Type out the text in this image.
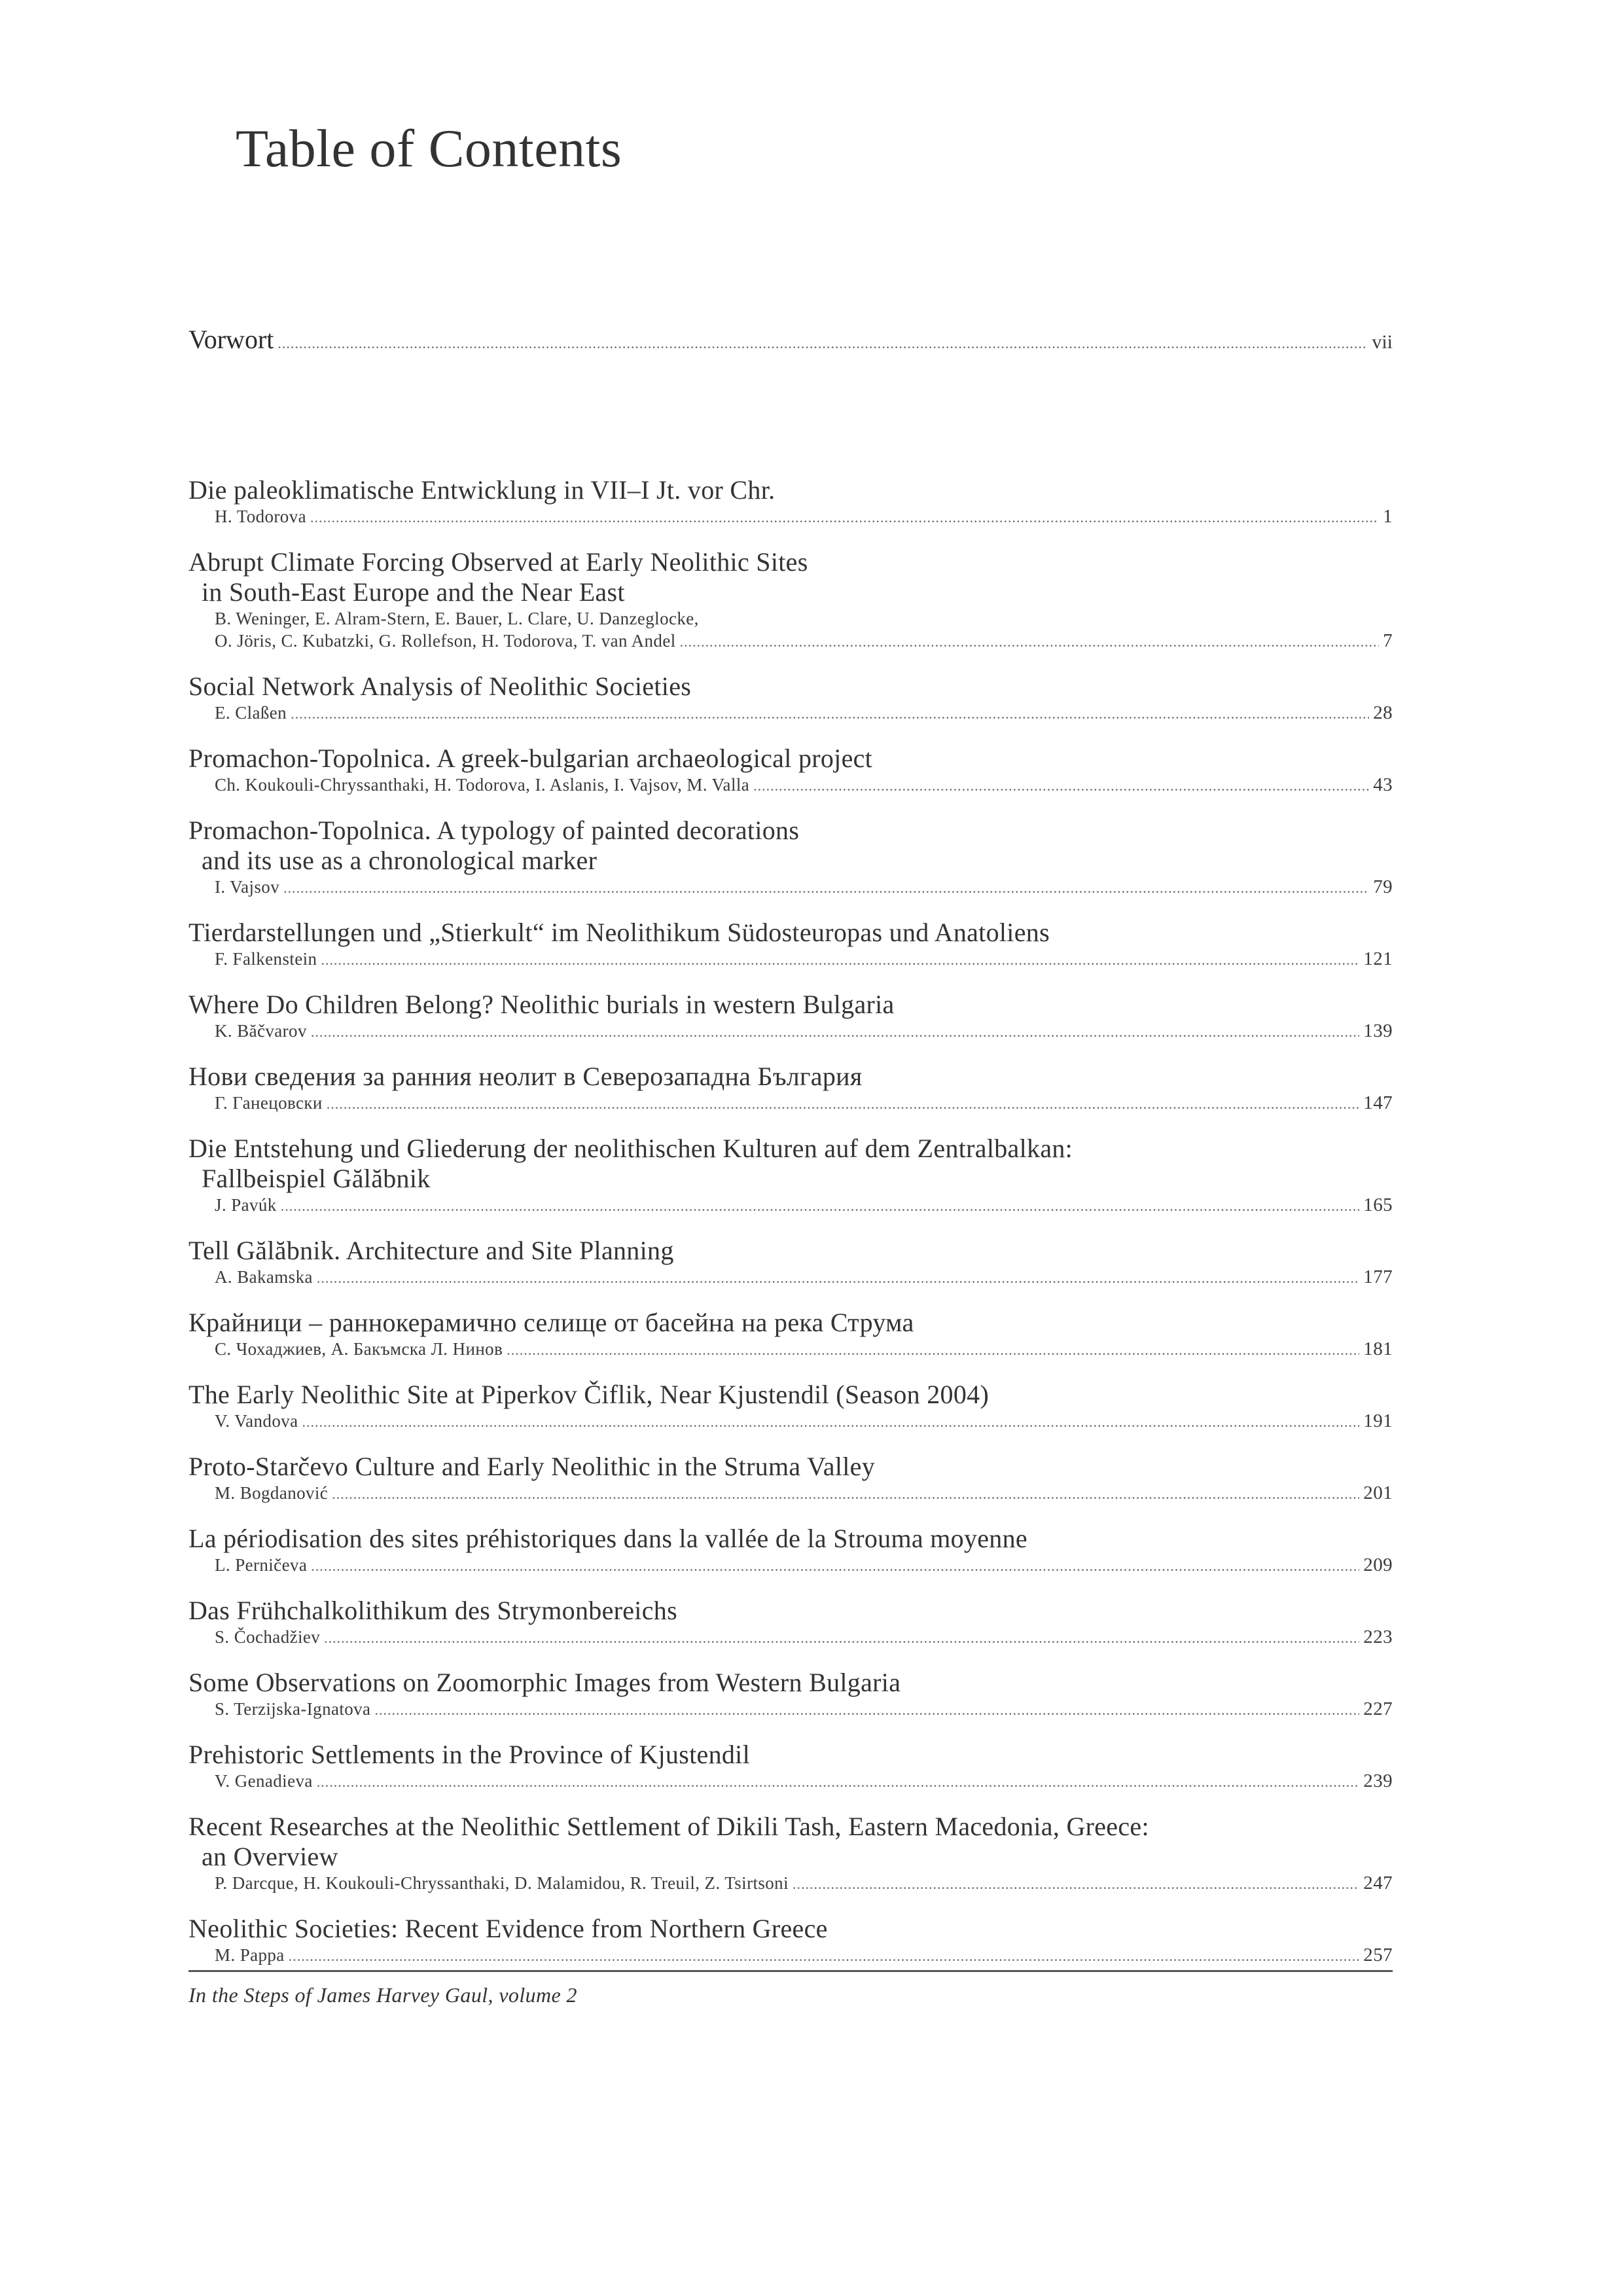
Table of Contents
Vorwort .....	vii
Die paleoklimatische Entwicklung in VII–I Jt. vor Chr.
H. Todorova .....	1
Abrupt Climate Forcing Observed at Early Neolithic Sites
in South-East Europe and the Near East
B. Weninger, E. Alram-Stern, E. Bauer, L. Clare, U. Danzeglocke,
O. Jöris, C. Kubatzki, G. Rollefson, H. Todorova, T. van Andel .....	7
Social Network Analysis of Neolithic Societies
E. Claßen .....	28
Promachon-Topolnica. A greek-bulgarian archaeological project
Ch. Koukouli-Chryssanthaki, H. Todorova, I. Aslanis, I. Vajsov, M. Valla .....	43
Promachon-Topolnica. A typology of painted decorations
and its use as a chronological marker
I. Vajsov .....	79
Tierdarstellungen und „Stierkult“ im Neolithikum Südosteuropas und Anatoliens
F. Falkenstein .....	121
Where Do Children Belong? Neolithic burials in western Bulgaria
K. Băčvarov .....	139
Нови сведения за ранния неолит в Северозападна България
Г. Ганецовски .....	147
Die Entstehung und Gliederung der neolithischen Kulturen auf dem Zentralbalkan:
Fallbeispiel Gălăbnik
J. Pavúk .....	165
Tell Gălăbnik. Architecture and Site Planning
A. Bakamska .....	177
Крайници – раннокерамично селище от басейна на река Струма
С. Чохаджиев, А. Бакъмска Л. Нинов .....	181
The Early Neolithic Site at Piperkov Čiflik, Near Kjustendil (Season 2004)
V. Vandova .....	191
Proto-Starčevo Culture and Early Neolithic in the Struma Valley
M. Bogdanović .....	201
La périodisation des sites préhistoriques dans la vallée de la Strouma moyenne
L. Perničeva .....	209
Das Frühchalkolithikum des Strymonbereichs
S. Čochadžiev .....	223
Some Observations on Zoomorphic Images from Western Bulgaria
S. Terzijska-Ignatova .....	227
Prehistoric Settlements in the Province of Kjustendil
V. Genadieva .....	239
Recent Researches at the Neolithic Settlement of Dikili Tash, Eastern Macedonia, Greece:
an Overview
P. Darcque, H. Koukouli-Chryssanthaki, D. Malamidou, R. Treuil, Z. Tsirtsoni .....	247
Neolithic Societies: Recent Evidence from Northern Greece
M. Pappa .....	257
In the Steps of James Harvey Gaul, volume 2
